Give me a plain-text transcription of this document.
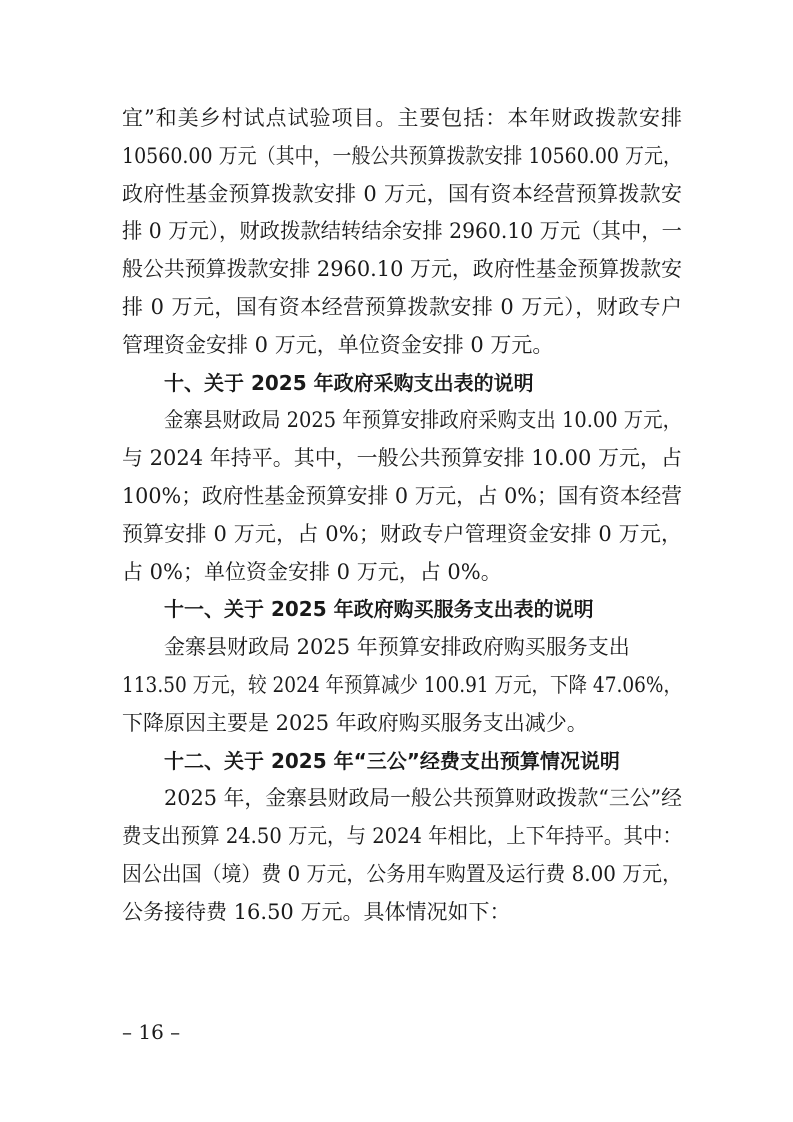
宜”和美乡村试点试验项目。主要包括：本年财政拨款安排
10560.00 万元（其中，一般公共预算拨款安排 10560.00 万元，
政府性基金预算拨款安排 0 万元，国有资本经营预算拨款安
排 0 万元），财政拨款结转结余安排 2960.10 万元（其中，一
般公共预算拨款安排 2960.10 万元，政府性基金预算拨款安
排 0 万元，国有资本经营预算拨款安排 0 万元），财政专户
管理资金安排 0 万元，单位资金安排 0 万元。
十、关于 2025 年政府采购支出表的说明
金寨县财政局 2025 年预算安排政府采购支出 10.00 万元，
与 2024 年持平。其中，一般公共预算安排 10.00 万元，占
100%；政府性基金预算安排 0 万元，占 0%；国有资本经营
预算安排 0 万元，占 0%；财政专户管理资金安排 0 万元，
占 0%；单位资金安排 0 万元，占 0%。
十一、关于 2025 年政府购买服务支出表的说明
金寨县财政局 2025 年预算安排政府购买服务支出
113.50 万元，较 2024 年预算减少 100.91 万元，下降 47.06%，
下降原因主要是 2025 年政府购买服务支出减少。
十二、关于 2025 年“三公”经费支出预算情况说明
2025 年，金寨县财政局一般公共预算财政拨款“三公”经
费支出预算 24.50 万元，与 2024 年相比，上下年持平。其中：
因公出国（境）费 0 万元，公务用车购置及运行费 8.00 万元，
公务接待费 16.50 万元。具体情况如下：
– 16 –
